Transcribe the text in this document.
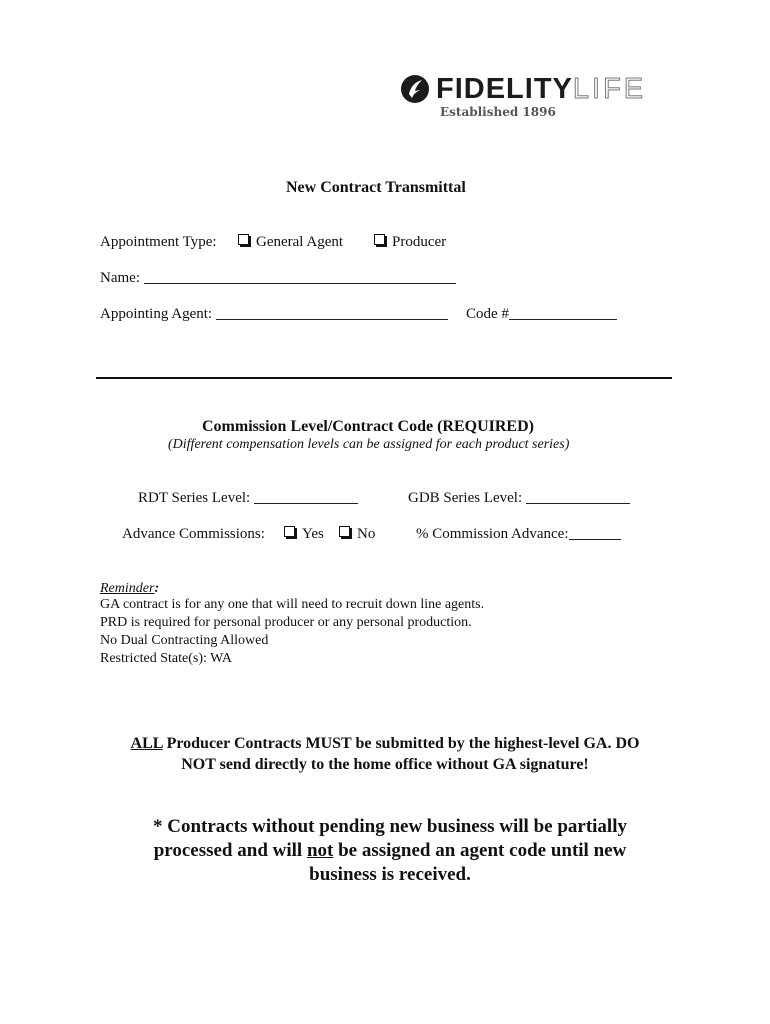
FIDELITYLIFE
Established 1896
New Contract Transmittal
Appointment Type:	General Agent	Producer
Name:
Appointing Agent:	Code #
Commission Level/Contract Code (REQUIRED)
(Different compensation levels can be assigned for each product series)
RDT Series Level:	GDB Series Level:
Advance Commissions:	Yes	No	% Commission Advance:
Reminder:
GA contract is for any one that will need to recruit down line agents.
PRD is required for personal producer or any personal production.
No Dual Contracting Allowed
Restricted State(s): WA
ALL Producer Contracts MUST be submitted by the highest-level GA. DO
NOT send directly to the home office without GA signature!
* Contracts without pending new business will be partially
processed and will not be assigned an agent code until new
business is received.
